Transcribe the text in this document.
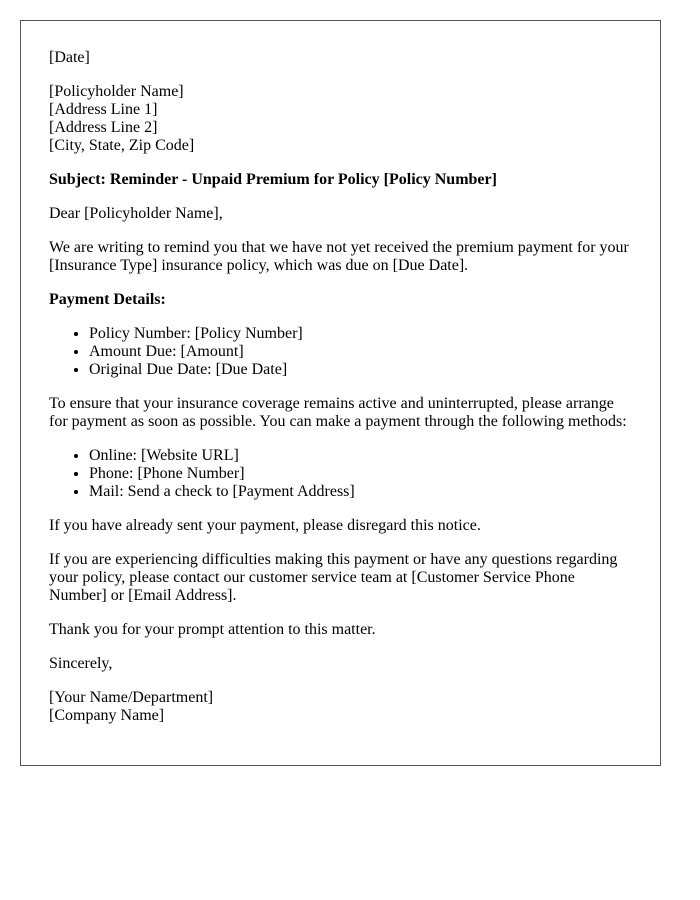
[Date]

[Policyholder Name]
[Address Line 1]
[Address Line 2]
[City, State, Zip Code]

Subject: Reminder - Unpaid Premium for Policy [Policy Number]

Dear [Policyholder Name],

We are writing to remind you that we have not yet received the premium payment for your [Insurance Type] insurance policy, which was due on [Due Date].

Payment Details:

• Policy Number: [Policy Number]
• Amount Due: [Amount]
• Original Due Date: [Due Date]

To ensure that your insurance coverage remains active and uninterrupted, please arrange for payment as soon as possible. You can make a payment through the following methods:

• Online: [Website URL]
• Phone: [Phone Number]
• Mail: Send a check to [Payment Address]

If you have already sent your payment, please disregard this notice.

If you are experiencing difficulties making this payment or have any questions regarding your policy, please contact our customer service team at [Customer Service Phone Number] or [Email Address].

Thank you for your prompt attention to this matter.

Sincerely,

[Your Name/Department]
[Company Name]
